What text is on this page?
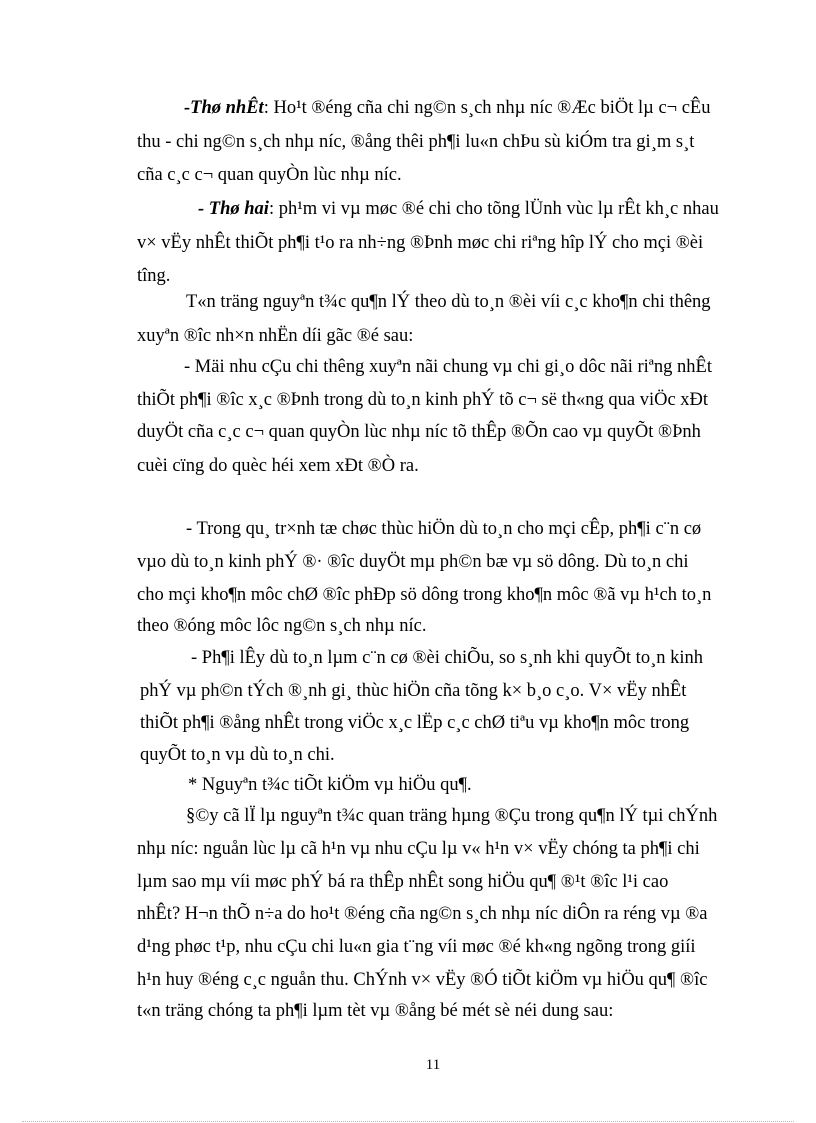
-Thø nhÊt: Ho¹t ®éng cña chi ng©n s¸ch nhµ níc ®Æc biÖt lµ c¬ cÊu
thu - chi ng©n s¸ch nhµ níc, ®ång thêi ph¶i lu«n chÞu sù kiÓm tra gi¸m s¸t
cña c¸c c¬ quan quyÒn lùc nhµ níc.
- Thø hai: ph¹m vi vµ møc ®é chi cho tõng lÜnh vùc lµ rÊt kh¸c nhau
v× vËy nhÊt thiÕt ph¶i t¹o ra nh÷ng ®Þnh møc chi riªng hîp lÝ cho mçi ®èi
tîng.
T«n träng nguyªn t¾c qu¶n lÝ theo dù to¸n ®èi víi c¸c kho¶n chi thêng
xuyªn ®îc nh×n nhËn díi gãc ®é sau:
- Mäi nhu cÇu chi thêng xuyªn nãi chung vµ chi gi¸o dôc nãi riªng nhÊt
thiÕt ph¶i ®îc x¸c ®Þnh trong dù to¸n kinh phÝ tõ c¬ së th«ng qua viÖc xÐt
duyÖt cña c¸c c¬ quan quyÒn lùc nhµ níc tõ thÊp ®Õn cao vµ quyÕt ®Þnh
cuèi cïng do quèc héi xem xÐt ®Ò ra.
- Trong qu¸ tr×nh tæ chøc thùc hiÖn dù to¸n cho mçi cÊp, ph¶i c¨n cø
vµo dù to¸n kinh phÝ ®· ®îc duyÖt mµ ph©n bæ vµ sö dông. Dù to¸n chi
cho mçi kho¶n môc chØ ®îc phÐp sö dông trong kho¶n môc ®ã vµ h¹ch to¸n
theo ®óng môc lôc ng©n s¸ch nhµ níc.
- Ph¶i lÊy dù to¸n lµm c¨n cø ®èi chiÕu, so s¸nh khi quyÕt to¸n kinh
phÝ vµ ph©n tÝch ®¸nh gi¸ thùc hiÖn cña tõng k× b¸o c¸o. V× vËy nhÊt
thiÕt ph¶i ®ång nhÊt trong viÖc x¸c lËp c¸c chØ tiªu vµ kho¶n môc trong
quyÕt to¸n vµ dù to¸n chi.
* Nguyªn t¾c tiÕt kiÖm vµ hiÖu qu¶.
§©y cã lÏ lµ nguyªn t¾c quan träng hµng ®Çu trong qu¶n lÝ tµi chÝnh
nhµ níc: nguån lùc lµ cã h¹n vµ nhu cÇu lµ v« h¹n v× vËy chóng ta ph¶i chi
lµm sao mµ víi møc phÝ bá ra thÊp nhÊt song hiÖu qu¶ ®¹t ®îc l¹i cao
nhÊt? H¬n thÕ n÷a do ho¹t ®éng cña ng©n s¸ch nhµ níc diÔn ra réng vµ ®a
d¹ng phøc t¹p, nhu cÇu chi lu«n gia t¨ng víi møc ®é kh«ng ngõng trong giíi
h¹n huy ®éng c¸c nguån thu. ChÝnh v× vËy ®Ó tiÕt kiÖm vµ hiÖu qu¶ ®îc
t«n träng chóng ta ph¶i lµm tèt vµ ®ång bé mét sè néi dung sau:
11
